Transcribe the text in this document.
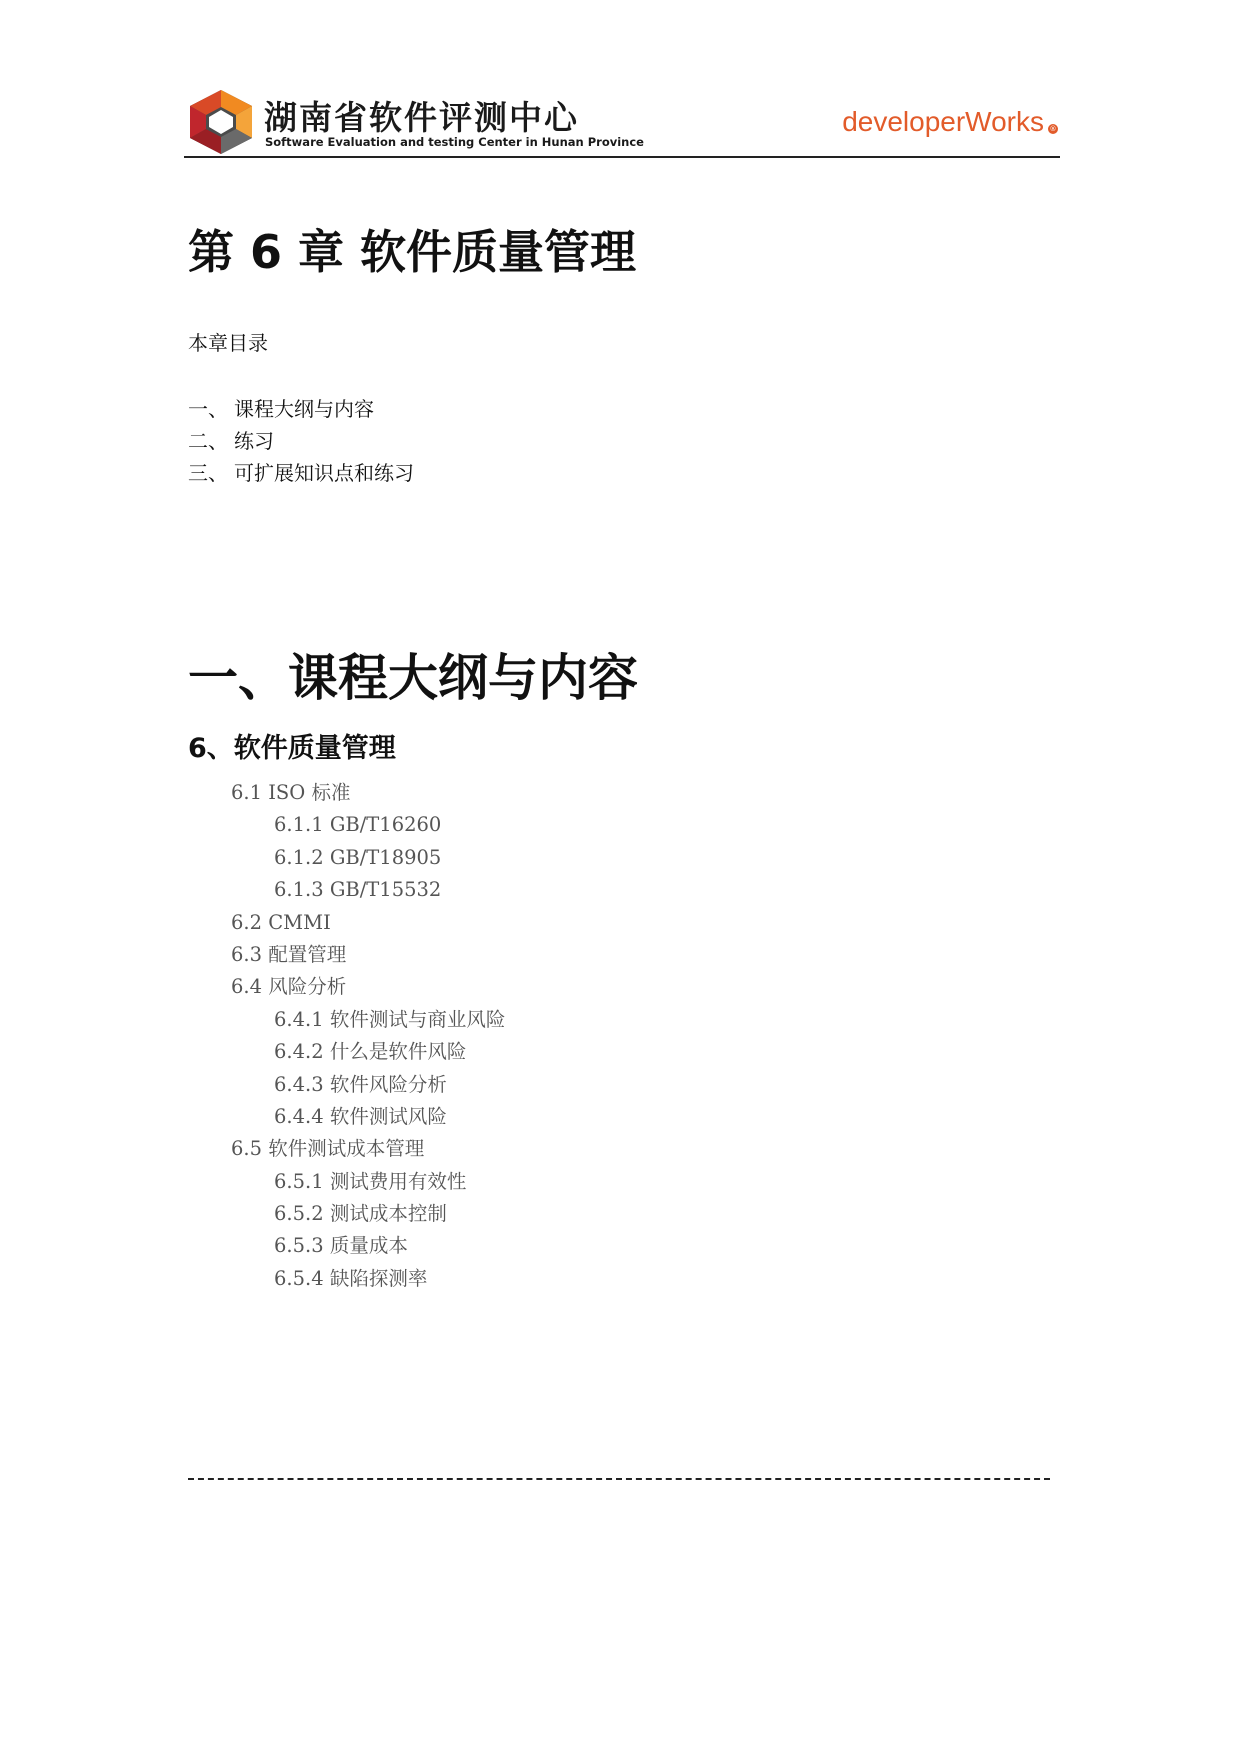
湖南省软件评测中心
Software Evaluation and testing Center in Hunan Province
developerWorks ®
第 6 章 软件质量管理
本章目录
一、 课程大纲与内容
二、 练习
三、 可扩展知识点和练习
一、课程大纲与内容
6、软件质量管理
6.1 ISO 标准
6.1.1 GB/T16260
6.1.2 GB/T18905
6.1.3 GB/T15532
6.2 CMMI
6.3 配置管理
6.4 风险分析
6.4.1 软件测试与商业风险
6.4.2 什么是软件风险
6.4.3 软件风险分析
6.4.4 软件测试风险
6.5 软件测试成本管理
6.5.1 测试费用有效性
6.5.2 测试成本控制
6.5.3 质量成本
6.5.4 缺陷探测率
